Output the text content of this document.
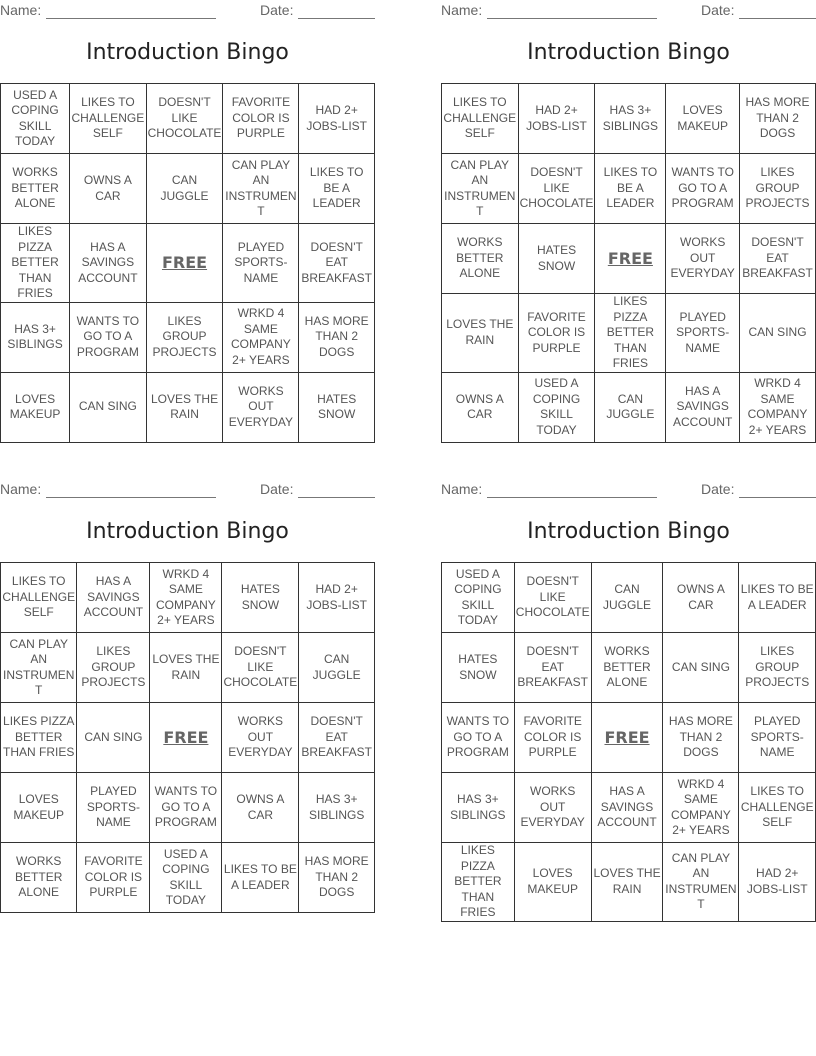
Name:	Date:
Introduction Bingo
USED A COPING SKILL TODAY	LIKES TO CHALLENGE SELF	DOESN'T LIKE CHOCOLATE	FAVORITE COLOR IS PURPLE	HAD 2+ JOBS-LIST
WORKS BETTER ALONE	OWNS A CAR	CAN JUGGLE	CAN PLAY AN INSTRUMEN T	LIKES TO BE A LEADER
LIKES PIZZA BETTER THAN FRIES	HAS A SAVINGS ACCOUNT	FREE	PLAYED SPORTS-NAME	DOESN'T EAT BREAKFAST
HAS 3+ SIBLINGS	WANTS TO GO TO A PROGRAM	LIKES GROUP PROJECTS	WRKD 4 SAME COMPANY 2+ YEARS	HAS MORE THAN 2 DOGS
LOVES MAKEUP	CAN SING	LOVES THE RAIN	WORKS OUT EVERYDAY	HATES SNOW
Name:	Date:
Introduction Bingo
LIKES TO CHALLENGE SELF	HAD 2+ JOBS-LIST	HAS 3+ SIBLINGS	LOVES MAKEUP	HAS MORE THAN 2 DOGS
CAN PLAY AN INSTRUMEN T	DOESN'T LIKE CHOCOLATE	LIKES TO BE A LEADER	WANTS TO GO TO A PROGRAM	LIKES GROUP PROJECTS
WORKS BETTER ALONE	HATES SNOW	FREE	WORKS OUT EVERYDAY	DOESN'T EAT BREAKFAST
LOVES THE RAIN	FAVORITE COLOR IS PURPLE	LIKES PIZZA BETTER THAN FRIES	PLAYED SPORTS-NAME	CAN SING
OWNS A CAR	USED A COPING SKILL TODAY	CAN JUGGLE	HAS A SAVINGS ACCOUNT	WRKD 4 SAME COMPANY 2+ YEARS
Name:	Date:
Introduction Bingo
LIKES TO CHALLENGE SELF	HAS A SAVINGS ACCOUNT	WRKD 4 SAME COMPANY 2+ YEARS	HATES SNOW	HAD 2+ JOBS-LIST
CAN PLAY AN INSTRUMEN T	LIKES GROUP PROJECTS	LOVES THE RAIN	DOESN'T LIKE CHOCOLATE	CAN JUGGLE
LIKES PIZZA BETTER THAN FRIES	CAN SING	FREE	WORKS OUT EVERYDAY	DOESN'T EAT BREAKFAST
LOVES MAKEUP	PLAYED SPORTS-NAME	WANTS TO GO TO A PROGRAM	OWNS A CAR	HAS 3+ SIBLINGS
WORKS BETTER ALONE	FAVORITE COLOR IS PURPLE	USED A COPING SKILL TODAY	LIKES TO BE A LEADER	HAS MORE THAN 2 DOGS
Name:	Date:
Introduction Bingo
USED A COPING SKILL TODAY	DOESN'T LIKE CHOCOLATE	CAN JUGGLE	OWNS A CAR	LIKES TO BE A LEADER
HATES SNOW	DOESN'T EAT BREAKFAST	WORKS BETTER ALONE	CAN SING	LIKES GROUP PROJECTS
WANTS TO GO TO A PROGRAM	FAVORITE COLOR IS PURPLE	FREE	HAS MORE THAN 2 DOGS	PLAYED SPORTS-NAME
HAS 3+ SIBLINGS	WORKS OUT EVERYDAY	HAS A SAVINGS ACCOUNT	WRKD 4 SAME COMPANY 2+ YEARS	LIKES TO CHALLENGE SELF
LIKES PIZZA BETTER THAN FRIES	LOVES MAKEUP	LOVES THE RAIN	CAN PLAY AN INSTRUMEN T	HAD 2+ JOBS-LIST
